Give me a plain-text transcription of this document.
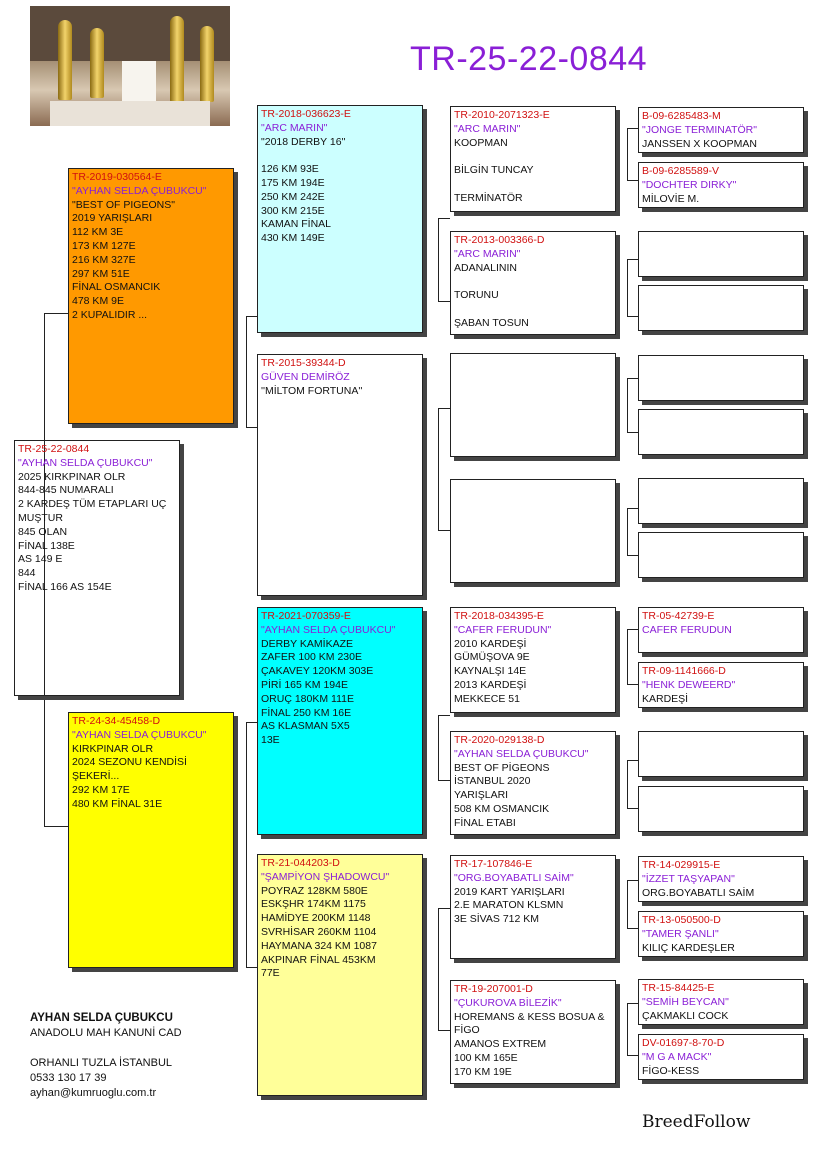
TR-25-22-0844
TR-25-22-0844
"AYHAN SELDA ÇUBUKCU"
2025 KIRKPINAR OLR
844-845 NUMARALI
2 KARDEŞ TÜM ETAPLARI UÇ
MUŞTUR
845 OLAN
FİNAL 138E
AS 149 E
844
FİNAL 166 AS 154E
TR-2019-030564-E
"AYHAN SELDA ÇUBUKCU"
"BEST OF PIGEONS"
2019 YARIŞLARI
112 KM 3E
173 KM 127E
216 KM 327E
297 KM 51E
FİNAL OSMANCIK
478 KM 9E
2 KUPALIDIR ...
TR-24-34-45458-D
"AYHAN SELDA ÇUBUKCU"
KIRKPINAR OLR
2024 SEZONU KENDİSİ
ŞEKERİ...
292 KM 17E
480 KM FİNAL 31E
TR-2018-036623-E
"ARC MARIN"
"2018 DERBY 16"

126 KM 93E
175 KM 194E
250 KM 242E
300 KM 215E
KAMAN FİNAL
430 KM 149E
TR-2015-39344-D
GÜVEN DEMİRÖZ
''MİLTOM FORTUNA''
TR-2021-070359-E
"AYHAN SELDA ÇUBUKCU"
DERBY KAMİKAZE
ZAFER 100 KM 230E
ÇAKAVEY 120KM 303E
PİRİ 165 KM 194E
ORUÇ 180KM 111E
FİNAL 250 KM 16E
AS KLASMAN 5X5
13E
TR-21-044203-D
"ŞAMPİYON ŞHADOWCU"
POYRAZ 128KM 580E
ESKŞHR 174KM 1175
HAMİDYE 200KM 1148
SVRHİSAR 260KM 1104
HAYMANA 324 KM 1087
AKPINAR FİNAL 453KM
77E
TR-2010-2071323-E
"ARC MARIN"
KOOPMAN

BİLGİN TUNCAY

TERMİNATÖR
TR-2013-003366-D
"ARC MARIN"
ADANALININ

TORUNU

ŞABAN TOSUN
TR-2018-034395-E
"CAFER FERUDUN"
2010 KARDEŞİ
GÜMÜŞOVA 9E
KAYNALŞI 14E
2013 KARDEŞİ
MEKKECE 51
TR-2020-029138-D
"AYHAN SELDA ÇUBUKCU"
BEST OF PİGEONS
İSTANBUL 2020
YARIŞLARI
508 KM OSMANCIK
FİNAL ETABI
TR-17-107846-E
"ORG.BOYABATLI SAİM"
2019 KART YARIŞLARI
2.E MARATON KLSMN
3E SİVAS 712 KM
TR-19-207001-D
"ÇUKUROVA BİLEZİK"
HOREMANS & KESS BOSUA &
FİGO
AMANOS EXTREM
100 KM 165E
170 KM 19E
B-09-6285483-M
"JONGE TERMINATÖR"
JANSSEN X KOOPMAN
B-09-6285589-V
"DOCHTER DIRKY"
MİLOVİE M.
TR-05-42739-E
CAFER FERUDUN
TR-09-1141666-D
"HENK DEWEERD"
KARDEŞİ
TR-14-029915-E
"İZZET TAŞYAPAN"
ORG.BOYABATLI SAİM
TR-13-050500-D
"TAMER ŞANLI"
KILIÇ KARDEŞLER
TR-15-84425-E
"SEMİH BEYCAN"
ÇAKMAKLI COCK
DV-01697-8-70-D
"M G A MACK"
FİGO-KESS
AYHAN SELDA ÇUBUKCU
ANADOLU MAH KANUNİ CAD
ORHANLI TUZLA İSTANBUL
0533 130 17 39
ayhan@kumruoglu.com.tr
BreedFollow
